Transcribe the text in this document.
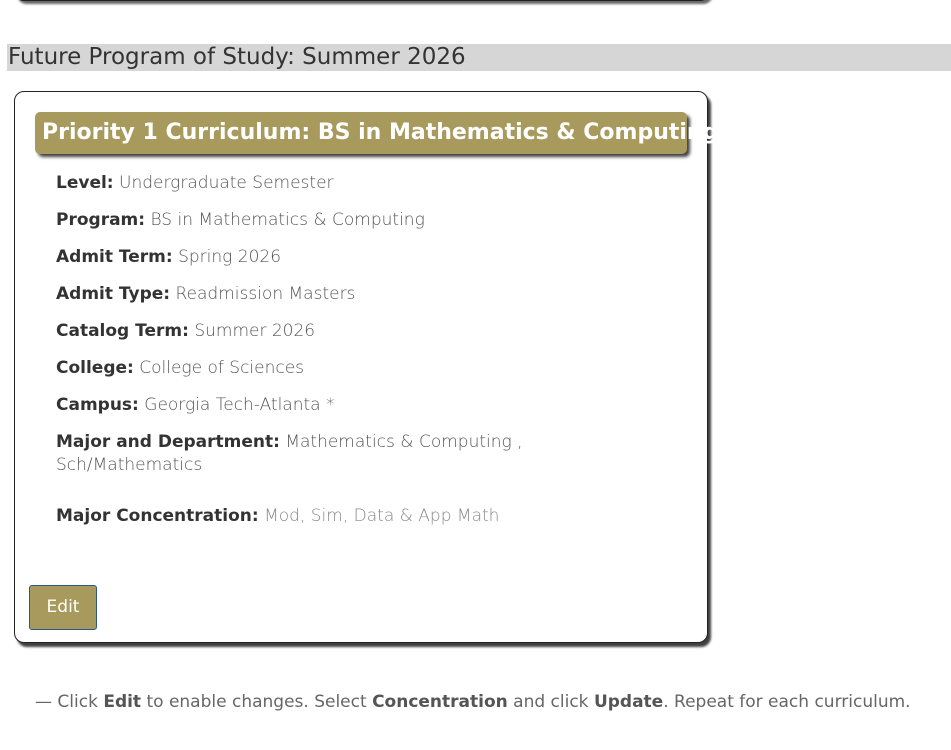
Future Program of Study: Summer 2026
Priority 1 Curriculum: BS in Mathematics & Computing
Level: Undergraduate Semester
Program: BS in Mathematics & Computing
Admit Term: Spring 2026
Admit Type: Readmission Masters
Catalog Term: Summer 2026
College: College of Sciences
Campus: Georgia Tech-Atlanta *
Major and Department: Mathematics & Computing , Sch/Mathematics
Major Concentration: Mod, Sim, Data & App Math
Edit
— Click Edit to enable changes. Select Concentration and click Update. Repeat for each curriculum.
